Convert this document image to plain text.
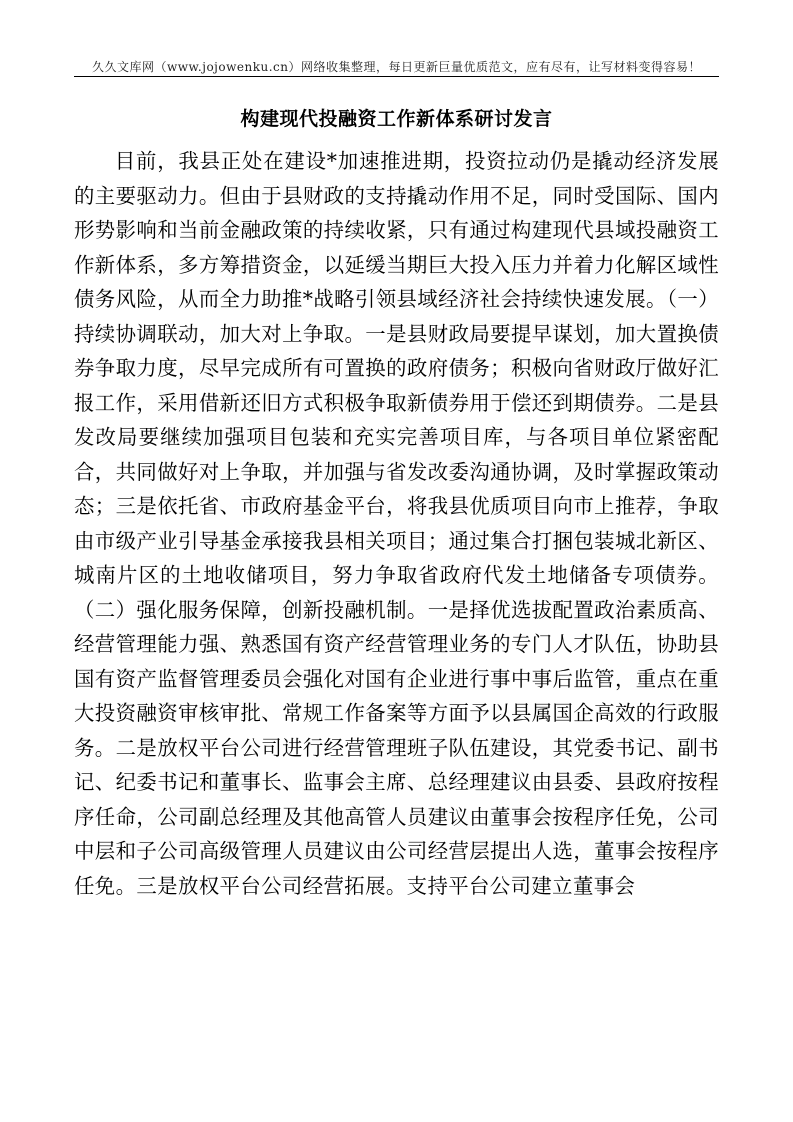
久久文库网（www.jojowenku.cn）网络收集整理，每日更新巨量优质范文，应有尽有，让写材料变得容易！
构建现代投融资工作新体系研讨发言

目前，我县正处在建设*加速推进期，投资拉动仍是撬动经济发展的主要驱动力。但由于县财政的支持撬动作用不足，同时受国际、国内形势影响和当前金融政策的持续收紧，只有通过构建现代县域投融资工作新体系，多方筹措资金，以延缓当期巨大投入压力并着力化解区域性债务风险，从而全力助推*战略引领县域经济社会持续快速发展。（一）持续协调联动，加大对上争取。一是县财政局要提早谋划，加大置换债券争取力度，尽早完成所有可置换的政府债务；积极向省财政厅做好汇报工作，采用借新还旧方式积极争取新债券用于偿还到期债券。二是县发改局要继续加强项目包装和充实完善项目库，与各项目单位紧密配合，共同做好对上争取，并加强与省发改委沟通协调，及时掌握政策动态；三是依托省、市政府基金平台，将我县优质项目向市上推荐，争取由市级产业引导基金承接我县相关项目；通过集合打捆包装城北新区、城南片区的土地收储项目，努力争取省政府代发土地储备专项债券。（二）强化服务保障，创新投融机制。一是择优选拔配置政治素质高、经营管理能力强、熟悉国有资产经营管理业务的专门人才队伍，协助县国有资产监督管理委员会强化对国有企业进行事中事后监管，重点在重大投资融资审核审批、常规工作备案等方面予以县属国企高效的行政服务。二是放权平台公司进行经营管理班子队伍建设，其党委书记、副书记、纪委书记和董事长、监事会主席、总经理建议由县委、县政府按程序任命，公司副总经理及其他高管人员建议由董事会按程序任免，公司中层和子公司高级管理人员建议由公司经营层提出人选，董事会按程序任免。三是放权平台公司经营拓展。支持平台公司建立董事会
